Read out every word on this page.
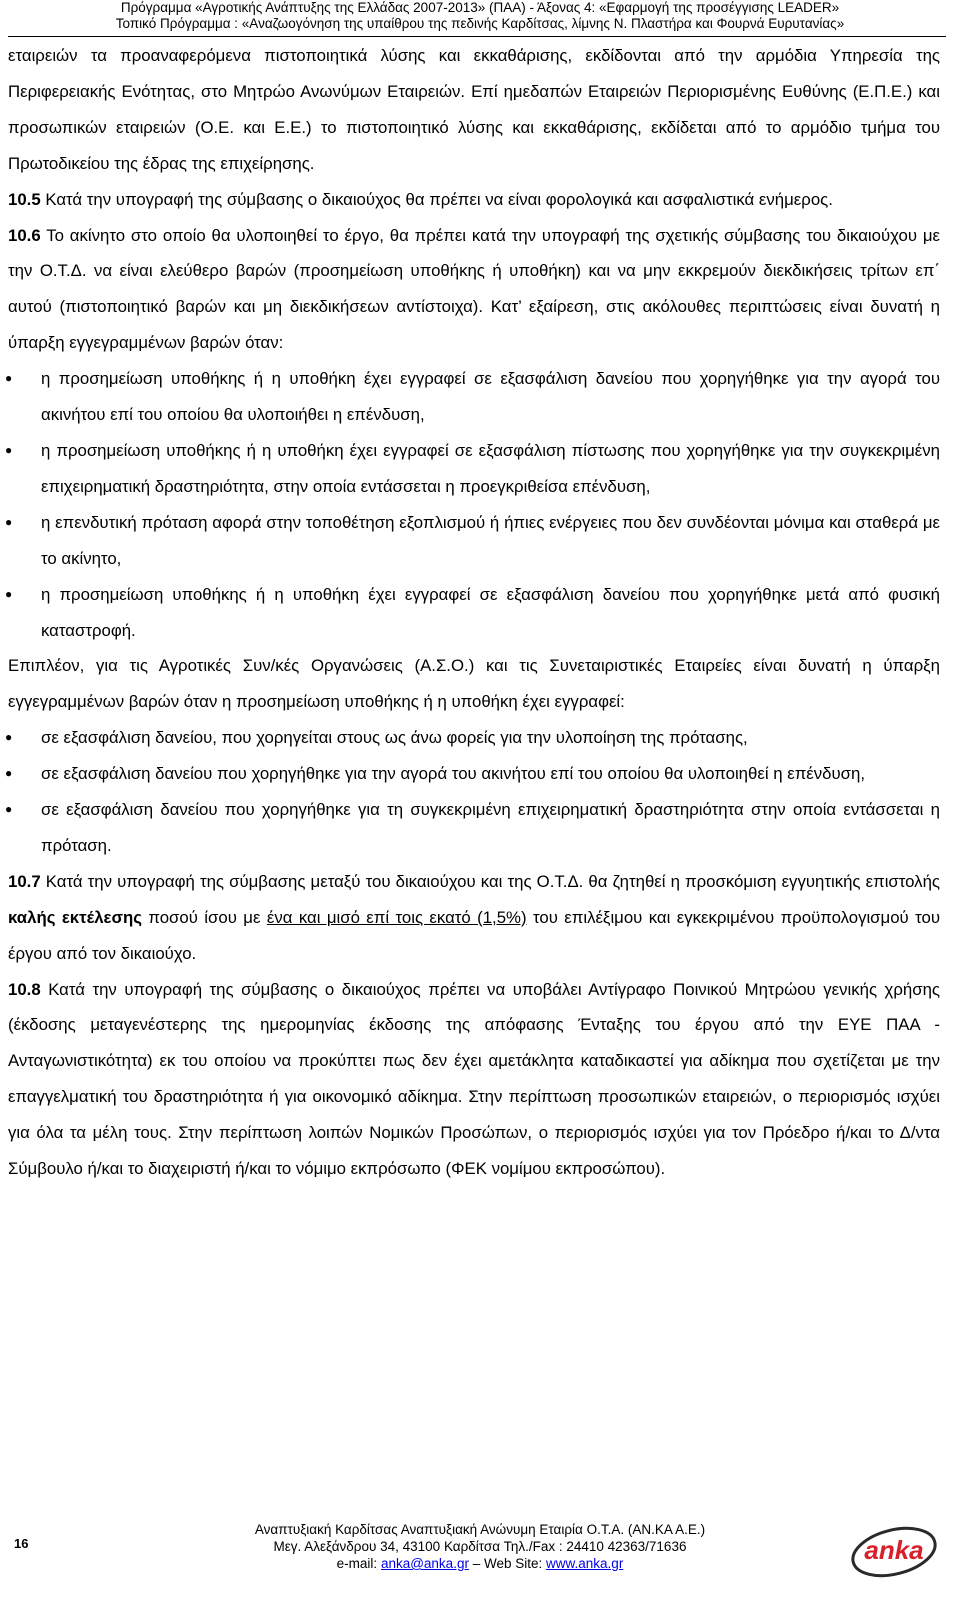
Πρόγραμμα «Αγροτικής Ανάπτυξης της Ελλάδας 2007-2013» (ΠΑΑ) - Άξονας 4: «Εφαρμογή της προσέγγισης LEADER»
Τοπικό Πρόγραμμα : «Αναζωογόνηση της υπαίθρου της πεδινής Καρδίτσας, λίμνης Ν. Πλαστήρα και Φουρνά Ευρυτανίας»

εταιρειών τα προαναφερόμενα πιστοποιητικά λύσης και εκκαθάρισης, εκδίδονται από την αρμόδια Υπηρεσία της Περιφερειακής Ενότητας, στο Μητρώο Ανωνύμων Εταιρειών. Επί ημεδαπών Εταιρειών Περιορισμένης Ευθύνης (Ε.Π.Ε.) και προσωπικών εταιρειών (Ο.Ε. και Ε.Ε.) το πιστοποιητικό λύσης και εκκαθάρισης, εκδίδεται από το αρμόδιο τμήμα του Πρωτοδικείου της έδρας της επιχείρησης.

10.5 Κατά την υπογραφή της σύμβασης ο δικαιούχος θα πρέπει να είναι φορολογικά και ασφαλιστικά ενήμερος.

10.6 Το ακίνητο στο οποίο θα υλοποιηθεί το έργο, θα πρέπει κατά την υπογραφή της σχετικής σύμβασης του δικαιούχου με την Ο.Τ.Δ. να είναι ελεύθερο βαρών (προσημείωση υποθήκης ή υποθήκη) και να μην εκκρεμούν διεκδικήσεις τρίτων επ΄ αυτού (πιστοποιητικό βαρών και μη διεκδικήσεων αντίστοιχα). Κατ’ εξαίρεση, στις ακόλουθες περιπτώσεις είναι δυνατή η ύπαρξη εγγεγραμμένων βαρών όταν:

● η προσημείωση υποθήκης ή η υποθήκη έχει εγγραφεί σε εξασφάλιση δανείου που χορηγήθηκε για την αγορά του ακινήτου επί του οποίου θα υλοποιήθει η επένδυση,
● η προσημείωση υποθήκης ή η υποθήκη έχει εγγραφεί σε εξασφάλιση πίστωσης που χορηγήθηκε για την συγκεκριμένη επιχειρηματική δραστηριότητα, στην οποία εντάσσεται η προεγκριθείσα επένδυση,
● η επενδυτική πρόταση αφορά στην τοποθέτηση εξοπλισμού ή ήπιες ενέργειες που δεν συνδέονται μόνιμα και σταθερά με το ακίνητο,
● η προσημείωση υποθήκης ή η υποθήκη έχει εγγραφεί σε εξασφάλιση δανείου που χορηγήθηκε μετά από φυσική καταστροφή.

Επιπλέον, για τις Αγροτικές Συν/κές Οργανώσεις (Α.Σ.Ο.) και τις Συνεταιριστικές Εταιρείες είναι δυνατή η ύπαρξη εγγεγραμμένων βαρών όταν η προσημείωση υποθήκης ή η υποθήκη έχει εγγραφεί:

● σε εξασφάλιση δανείου, που χορηγείται στους ως άνω φορείς για την υλοποίηση της πρότασης,
● σε εξασφάλιση δανείου που χορηγήθηκε για την αγορά του ακινήτου επί του οποίου θα υλοποιηθεί η επένδυση,
● σε εξασφάλιση δανείου που χορηγήθηκε για τη συγκεκριμένη επιχειρηματική δραστηριότητα στην οποία εντάσσεται η πρόταση.

10.7 Κατά την υπογραφή της σύμβασης μεταξύ του δικαιούχου και της Ο.Τ.Δ. θα ζητηθεί η προσκόμιση εγγυητικής επιστολής καλής εκτέλεσης ποσού ίσου με ένα και μισό επί τοις εκατό (1,5%) του επιλέξιμου και εγκεκριμένου προϋπολογισμού του έργου από τον δικαιούχο.

10.8 Κατά την υπογραφή της σύμβασης ο δικαιούχος πρέπει να υποβάλει Αντίγραφο Ποινικού Μητρώου γενικής χρήσης (έκδοσης μεταγενέστερης της ημερομηνίας έκδοσης της απόφασης Ένταξης του έργου από την ΕΥΕ ΠΑΑ - Ανταγωνιστικότητα) εκ του οποίου να προκύπτει πως δεν έχει αμετάκλητα καταδικαστεί για αδίκημα που σχετίζεται με την επαγγελματική του δραστηριότητα ή για οικονομικό αδίκημα. Στην περίπτωση προσωπικών εταιρειών, ο περιορισμός ισχύει για όλα τα μέλη τους. Στην περίπτωση λοιπών Νομικών Προσώπων, ο περιορισμός ισχύει για τον Πρόεδρο ή/και το Δ/ντα Σύμβουλο ή/και το διαχειριστή ή/και το νόμιμο εκπρόσωπο (ΦΕΚ νομίμου εκπροσώπου).

16
Αναπτυξιακή Καρδίτσας Αναπτυξιακή Ανώνυμη Εταιρία Ο.Τ.Α. (ΑΝ.ΚΑ Α.Ε.)
Μεγ. Αλεξάνδρου 34, 43100 Καρδίτσα Τηλ./Fax : 24410 42363/71636
e-mail: anka@anka.gr – Web Site: www.anka.gr	anka
